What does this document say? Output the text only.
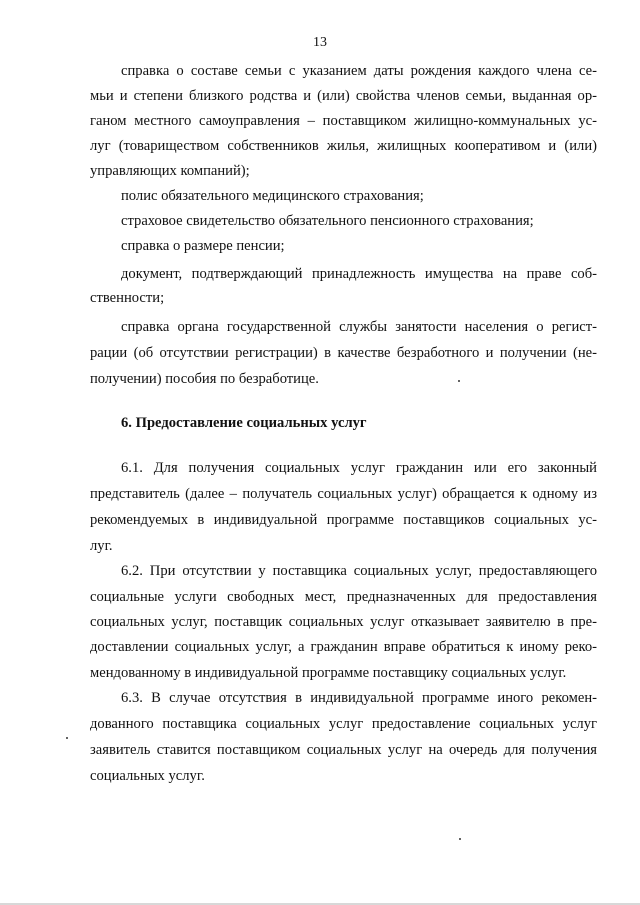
13
справка о составе семьи с указанием даты рождения каждого члена се-
мьи и степени близкого родства и (или) свойства членов семьи, выданная ор-
ганом местного самоуправления – поставщиком жилищно-коммунальных ус-
луг (товариществом собственников жилья, жилищных кооперативом и (или)
управляющих компаний);
полис обязательного медицинского страхования;
страховое свидетельство обязательного пенсионного страхования;
справка о размере пенсии;
документ, подтверждающий принадлежность имущества на праве соб-
ственности;
справка органа государственной службы занятости населения о регист-
рации (об отсутствии регистрации) в качестве безработного и получении (не-
получении) пособия по безработице.
6. Предоставление социальных услуг
6.1. Для получения социальных услуг гражданин или его законный
представитель (далее – получатель социальных услуг) обращается к одному из
рекомендуемых в индивидуальной программе поставщиков социальных ус-
луг.
6.2. При отсутствии у поставщика социальных услуг, предоставляющего
социальные услуги свободных мест, предназначенных для предоставления
социальных услуг, поставщик социальных услуг отказывает заявителю в пре-
доставлении социальных услуг, а гражданин вправе обратиться к иному реко-
мендованному в индивидуальной программе поставщику социальных услуг.
6.3. В случае отсутствия в индивидуальной программе иного рекомен-
дованного поставщика социальных услуг предоставление социальных услуг
заявитель ставится поставщиком социальных услуг на очередь для получения
социальных услуг.
